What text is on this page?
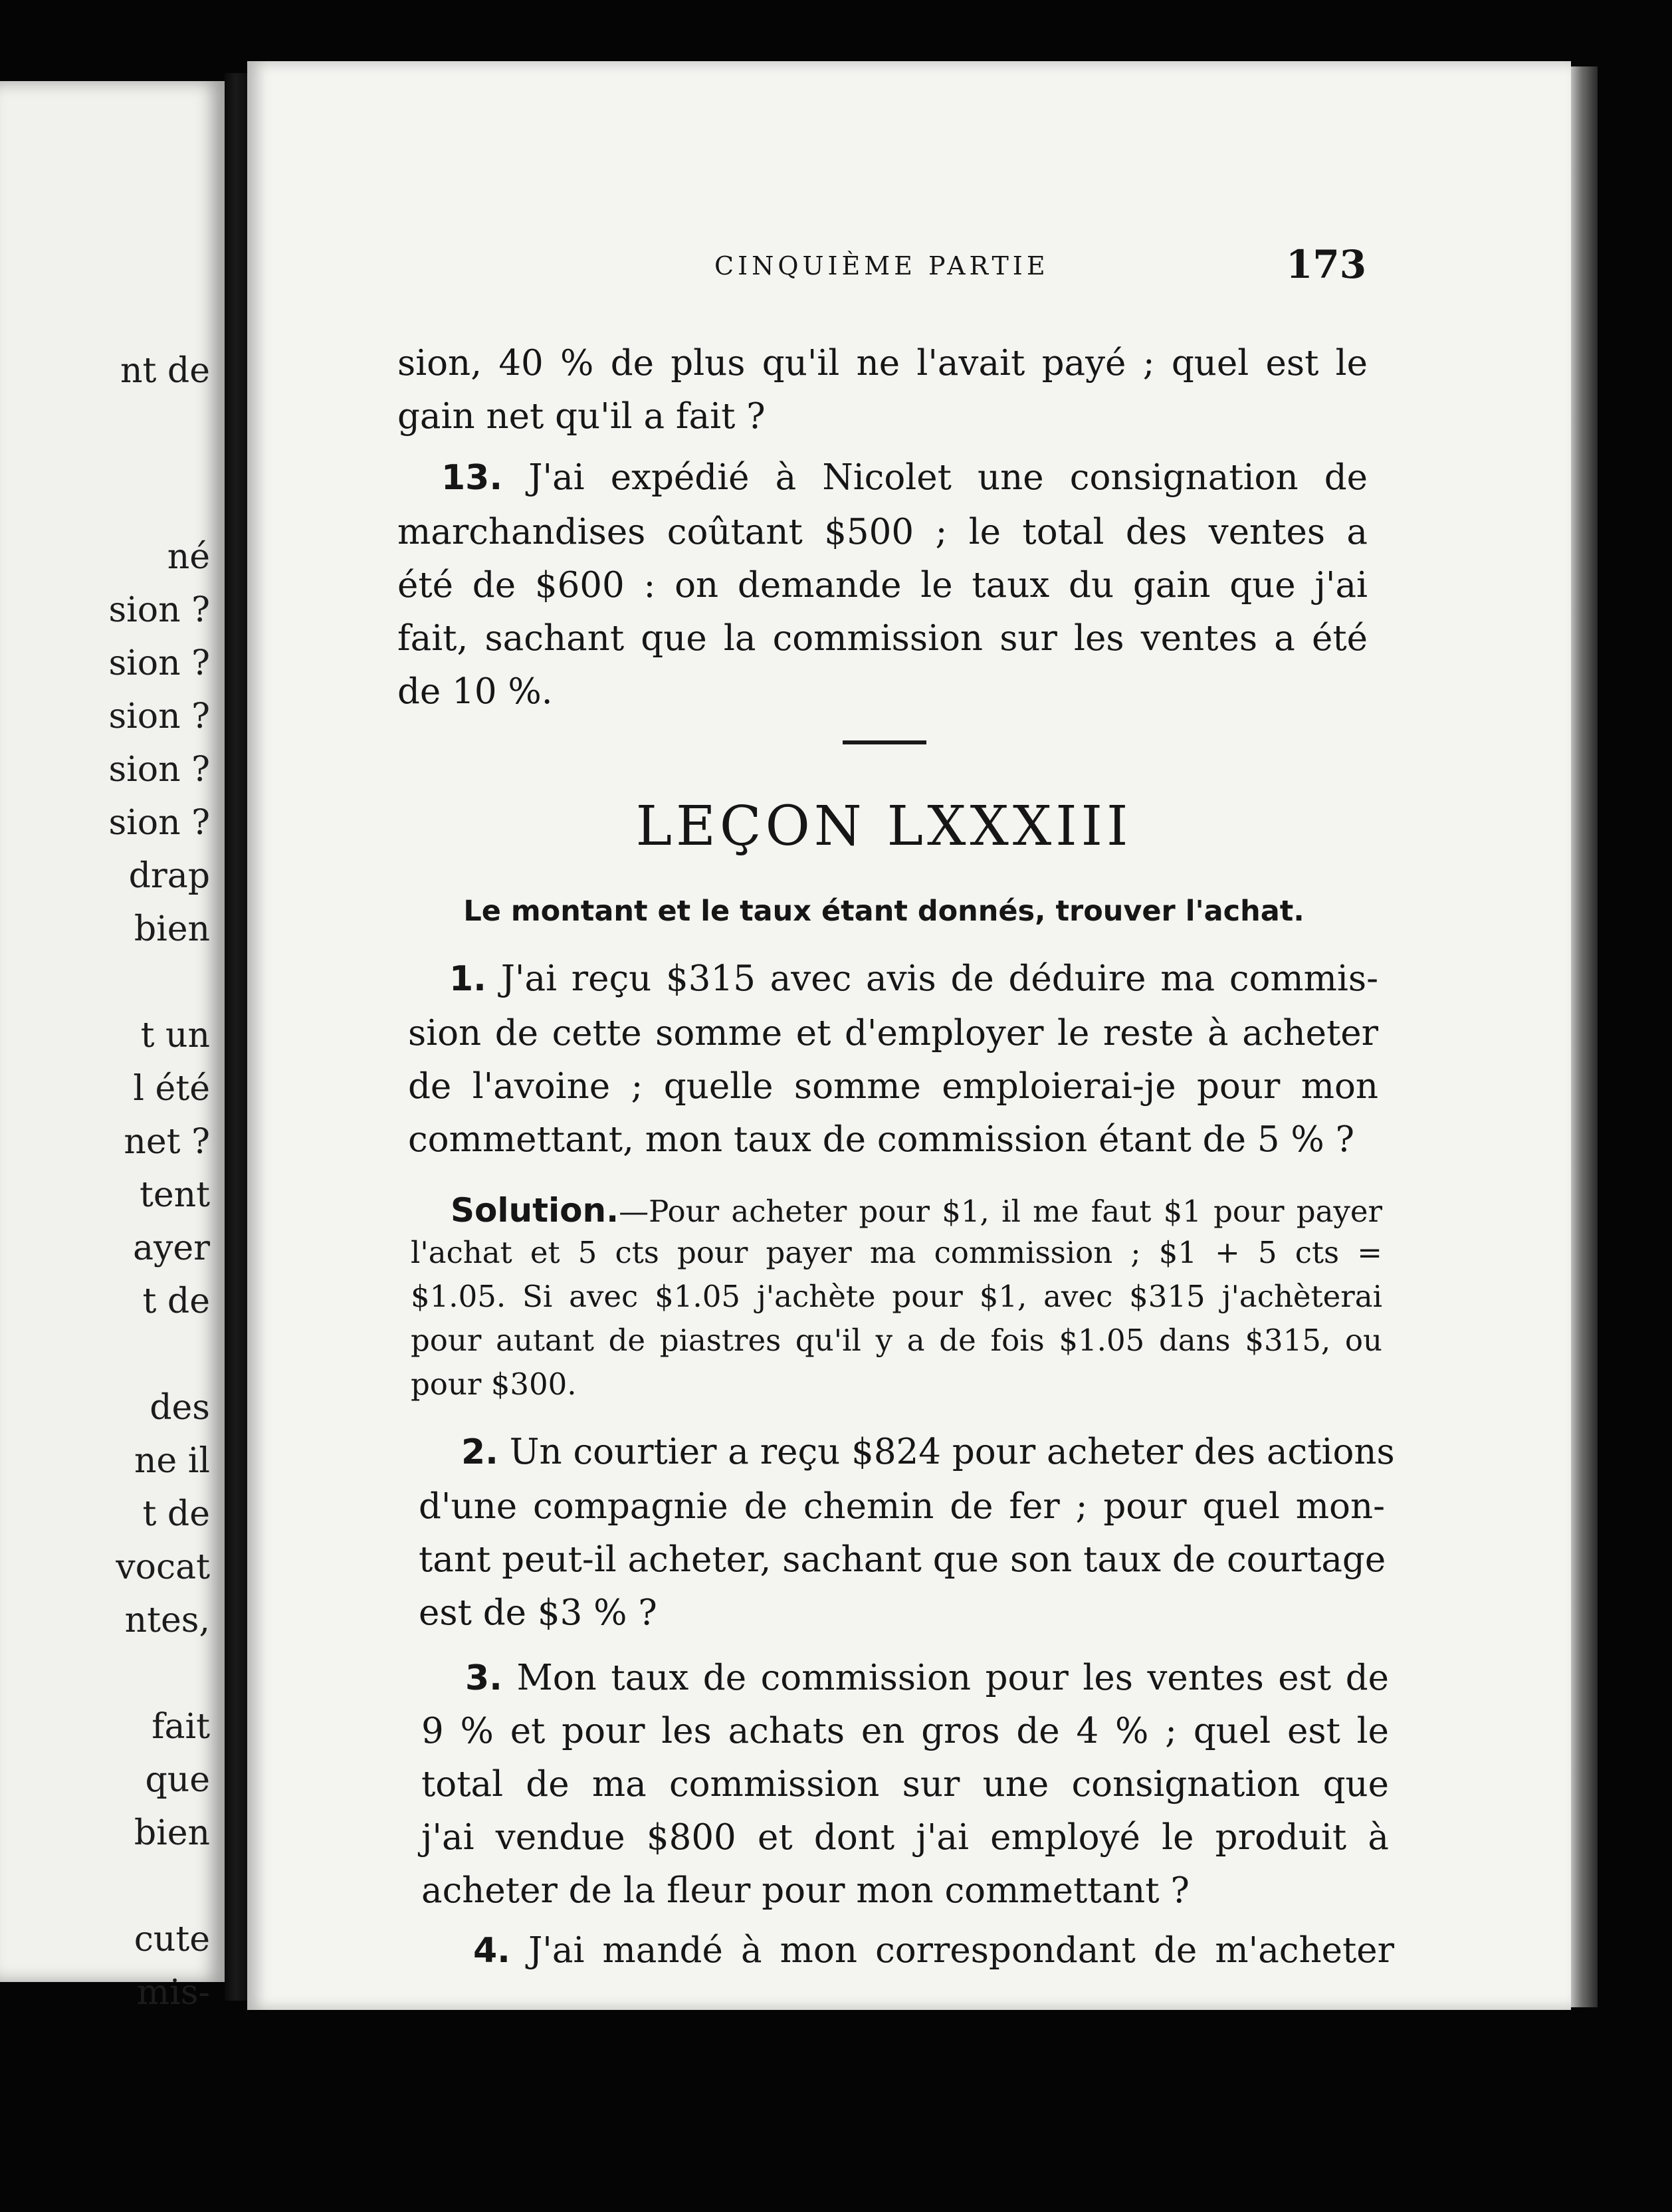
nt de
né
sion ?
sion ?
sion ?
sion ?
sion ?
drap
bien
t un
l été
net ?
tent
ayer
t de
des
ne il
t de
vocat
ntes,
fait
que
bien
cute
mis-
CINQUIÈME PARTIE	173
sion, 40 % de plus qu'il ne l'avait payé ; quel est le
gain net qu'il a fait ?
13. J'ai expédié à Nicolet une consignation de
marchandises coûtant $500 ; le total des ventes a
été de $600 : on demande le taux du gain que j'ai
fait, sachant que la commission sur les ventes a été
de 10 %.
LEÇON LXXXIII
Le montant et le taux étant donnés, trouver l'achat.
1. J'ai reçu $315 avec avis de déduire ma commis-
sion de cette somme et d'employer le reste à acheter
de l'avoine ; quelle somme emploierai-je pour mon
commettant, mon taux de commission étant de 5 % ?
Solution.—Pour acheter pour $1, il me faut $1 pour payer
l'achat et 5 cts pour payer ma commission ; $1 + 5 cts =
$1.05. Si avec $1.05 j'achète pour $1, avec $315 j'achèterai
pour autant de piastres qu'il y a de fois $1.05 dans $315, ou
pour $300.
2. Un courtier a reçu $824 pour acheter des actions
d'une compagnie de chemin de fer ; pour quel mon-
tant peut-il acheter, sachant que son taux de courtage
est de $3 % ?
3. Mon taux de commission pour les ventes est de
9 % et pour les achats en gros de 4 % ; quel est le
total de ma commission sur une consignation que
j'ai vendue $800 et dont j'ai employé le produit à
acheter de la fleur pour mon commettant ?
4. J'ai mandé à mon correspondant de m'acheter
